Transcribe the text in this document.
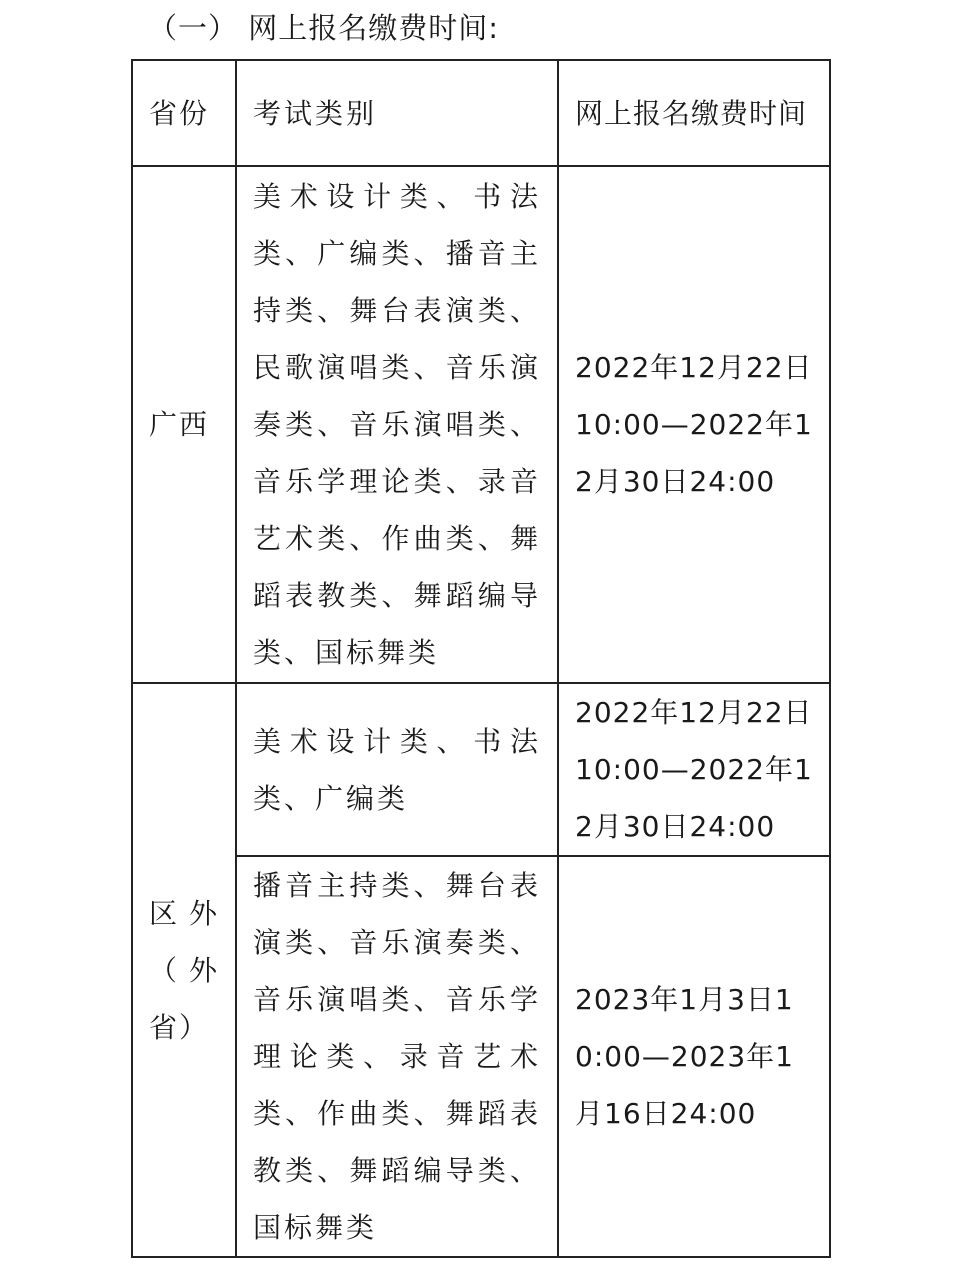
（一） 网上报名缴费时间:
省份	考试类别	网上报名缴费时间

广西	美术设计类、书法类、广编类、播音主持类、舞台表演类、民歌演唱类、音乐演奏类、音乐演唱类、音乐学理论类、录音艺术类、作曲类、舞蹈表教类、舞蹈编导类、国标舞类	2022年12月22日10:00—2022年12月30日24:00

区外（外省）	美术设计类、书法类、广编类	2022年12月22日10:00—2022年12月30日24:00

	播音主持类、舞台表演类、音乐演奏类、音乐演唱类、音乐学理论类、录音艺术类、作曲类、舞蹈表教类、舞蹈编导类、国标舞类	2023年1月3日10:00—2023年1月16日24:00
